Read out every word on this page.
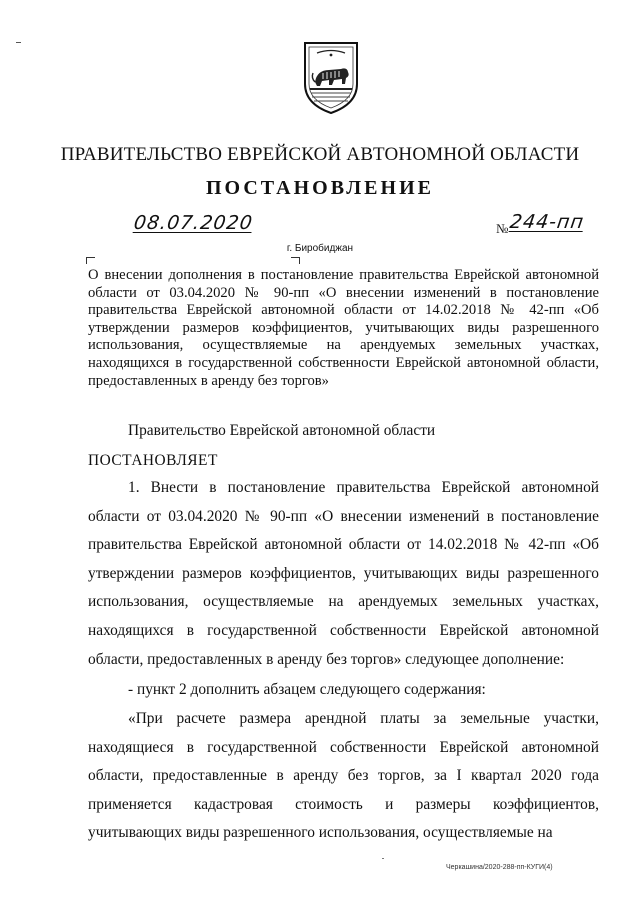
ПРАВИТЕЛЬСТВО ЕВРЕЙСКОЙ АВТОНОМНОЙ ОБЛАСТИ
ПОСТАНОВЛЕНИЕ
08.07.2020	№ 244-пп
г. Биробиджан
О внесении дополнения в постановление правительства Еврейской автономной области от 03.04.2020 № 90-пп «О внесении изменений в постановление правительства Еврейской автономной области от 14.02.2018 № 42-пп «Об утверждении размеров коэффициентов, учитывающих виды разрешенного использования, осуществляемые на арендуемых земельных участках, находящихся в государственной собственности Еврейской автономной области, предоставленных в аренду без торгов»
Правительство Еврейской автономной области
ПОСТАНОВЛЯЕТ
1. Внести в постановление правительства Еврейской автономной области от 03.04.2020 № 90-пп «О внесении изменений в постановление правительства Еврейской автономной области от 14.02.2018 № 42-пп «Об утверждении размеров коэффициентов, учитывающих виды разрешенного использования, осуществляемые на арендуемых земельных участках, находящихся в государственной собственности Еврейской автономной области, предоставленных в аренду без торгов» следующее дополнение:
- пункт 2 дополнить абзацем следующего содержания:
«При расчете размера арендной платы за земельные участки, находящиеся в государственной собственности Еврейской автономной области, предоставленные в аренду без торгов, за I квартал 2020 года применяется кадастровая стоимость и размеры коэффициентов, учитывающих виды разрешенного использования, осуществляемые на
Черкашина/2020-288-пп-КУГИ(4)
